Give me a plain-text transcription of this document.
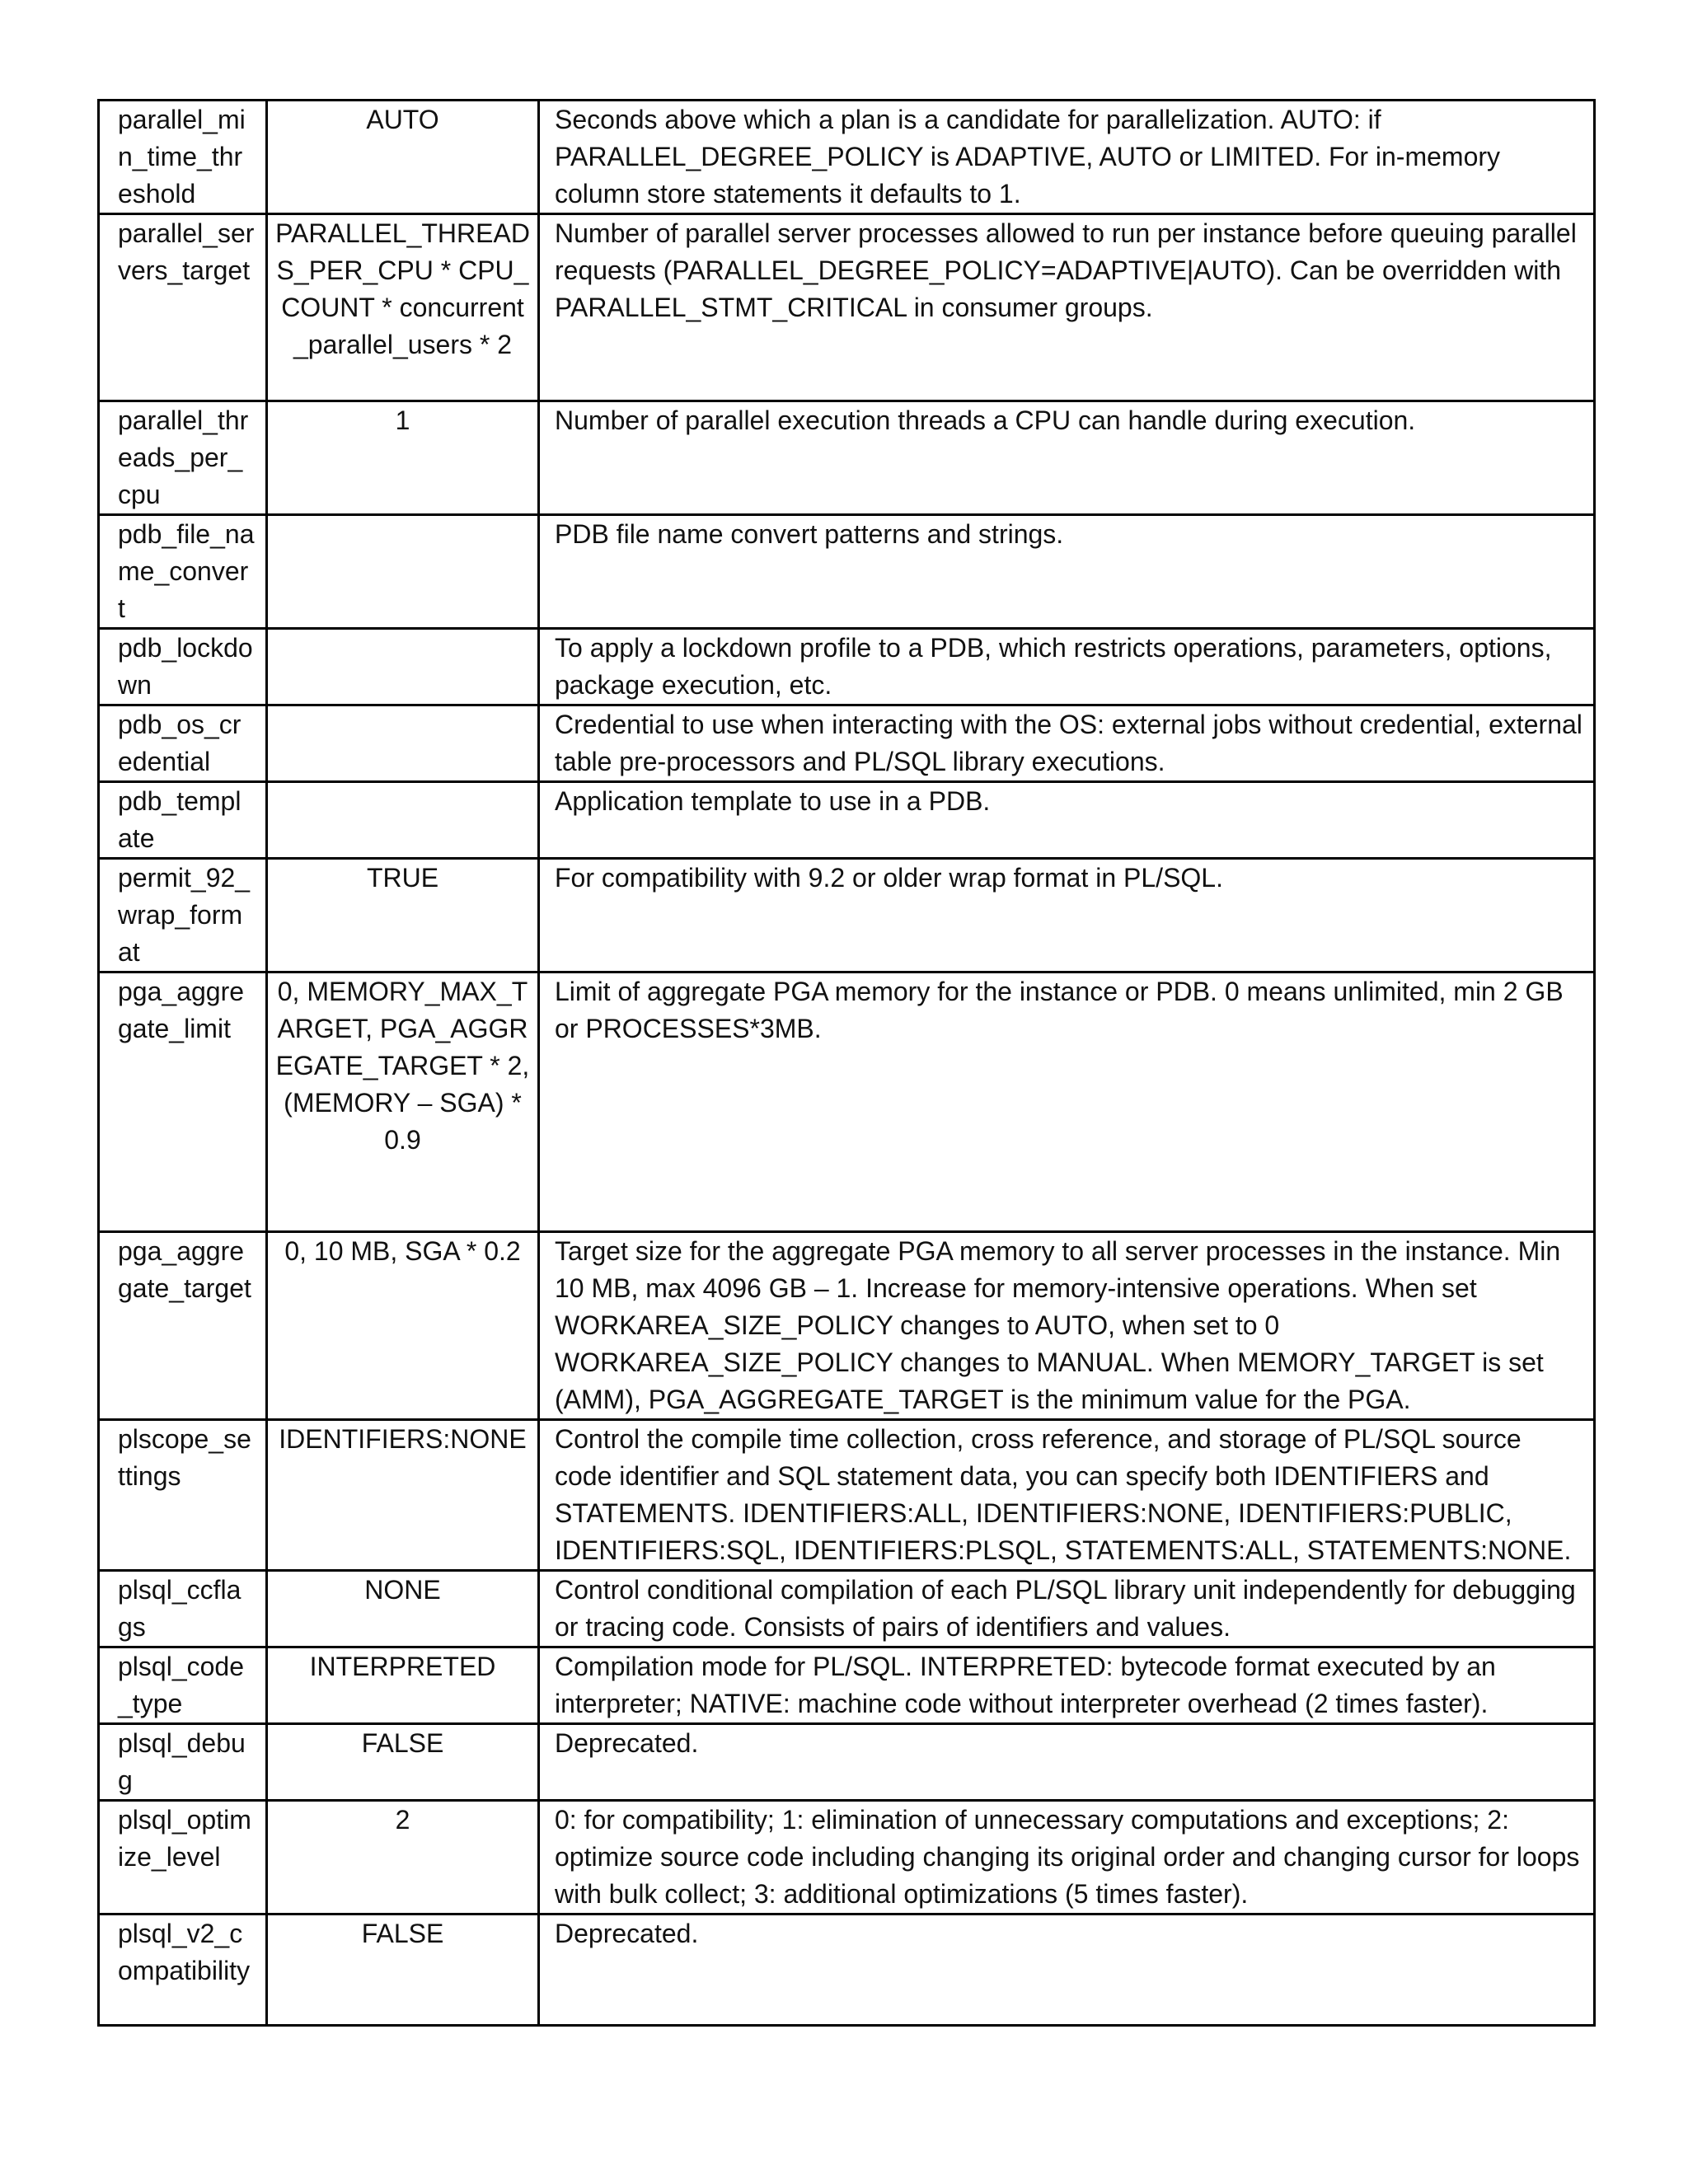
parallel_min_time_threshold	AUTO	Seconds above which a plan is a candidate for parallelization. AUTO: if PARALLEL_DEGREE_POLICY is ADAPTIVE, AUTO or LIMITED. For in-memory column store statements it defaults to 1.
parallel_servers_target	PARALLEL_THREADS_PER_CPU * CPU_COUNT * concurrent_parallel_users * 2	Number of parallel server processes allowed to run per instance before queuing parallel requests (PARALLEL_DEGREE_POLICY=ADAPTIVE|AUTO). Can be overridden with PARALLEL_STMT_CRITICAL in consumer groups.
parallel_threads_per_cpu	1	Number of parallel execution threads a CPU can handle during execution.
pdb_file_name_convert		PDB file name convert patterns and strings.
pdb_lockdown		To apply a lockdown profile to a PDB, which restricts operations, parameters, options, package execution, etc.
pdb_os_credential		Credential to use when interacting with the OS: external jobs without credential, external table pre-processors and PL/SQL library executions.
pdb_template		Application template to use in a PDB.
permit_92_wrap_format	TRUE	For compatibility with 9.2 or older wrap format in PL/SQL.
pga_aggregate_limit	0, MEMORY_MAX_TARGET, PGA_AGGREGATE_TARGET * 2, (MEMORY – SGA) * 0.9	Limit of aggregate PGA memory for the instance or PDB. 0 means unlimited, min 2 GB or PROCESSES*3MB.
pga_aggregate_target	0, 10 MB, SGA * 0.2	Target size for the aggregate PGA memory to all server processes in the instance. Min 10 MB, max 4096 GB – 1. Increase for memory-intensive operations. When set WORKAREA_SIZE_POLICY changes to AUTO, when set to 0 WORKAREA_SIZE_POLICY changes to MANUAL. When MEMORY_TARGET is set (AMM), PGA_AGGREGATE_TARGET is the minimum value for the PGA.
plscope_settings	IDENTIFIERS:NONE	Control the compile time collection, cross reference, and storage of PL/SQL source code identifier and SQL statement data, you can specify both IDENTIFIERS and STATEMENTS. IDENTIFIERS:ALL, IDENTIFIERS:NONE, IDENTIFIERS:PUBLIC, IDENTIFIERS:SQL, IDENTIFIERS:PLSQL, STATEMENTS:ALL, STATEMENTS:NONE.
plsql_ccflags	NONE	Control conditional compilation of each PL/SQL library unit independently for debugging or tracing code. Consists of pairs of identifiers and values.
plsql_code_type	INTERPRETED	Compilation mode for PL/SQL. INTERPRETED: bytecode format executed by an interpreter; NATIVE: machine code without interpreter overhead (2 times faster).
plsql_debug	FALSE	Deprecated.
plsql_optimize_level	2	0: for compatibility; 1: elimination of unnecessary computations and exceptions; 2: optimize source code including changing its original order and changing cursor for loops with bulk collect; 3: additional optimizations (5 times faster).
plsql_v2_compatibility	FALSE	Deprecated.
